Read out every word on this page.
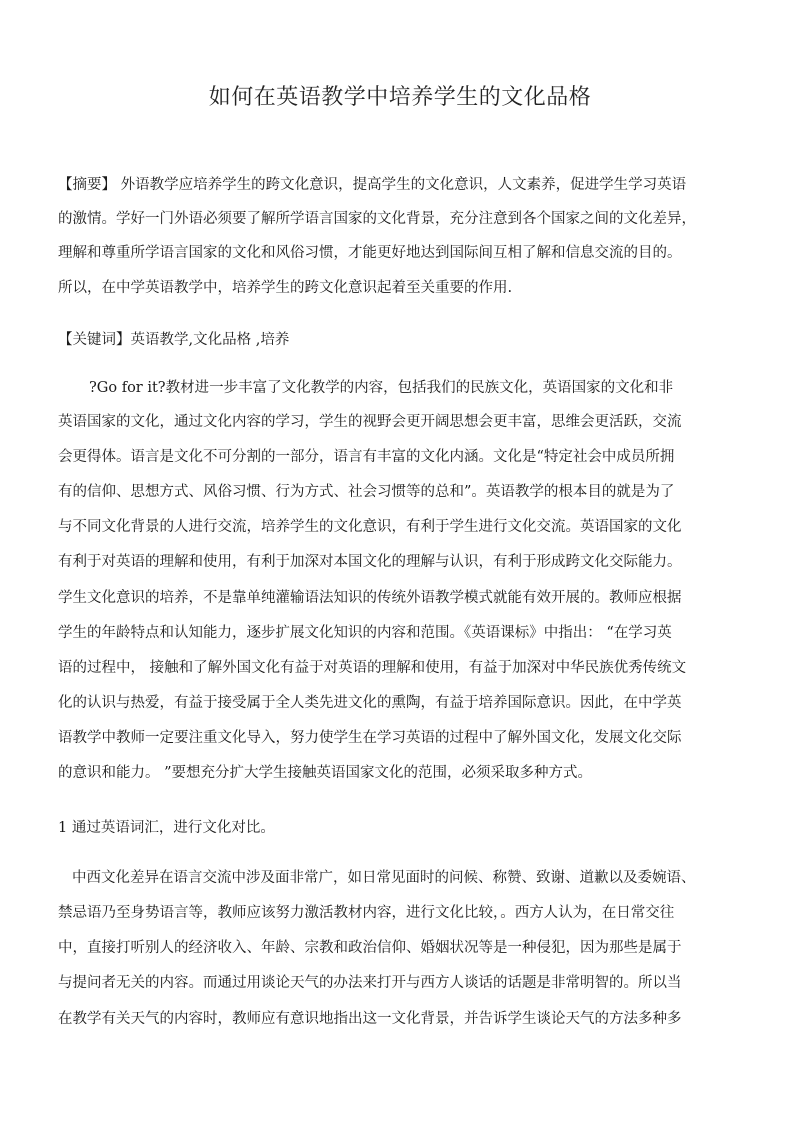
如何在英语教学中培养学生的文化品格
【摘要】 外语教学应培养学生的跨文化意识，提高学生的文化意识，人文素养，促进学生学习英语
的激情。学好一门外语必须要了解所学语言国家的文化背景，充分注意到各个国家之间的文化差异，
理解和尊重所学语言国家的文化和风俗习惯，才能更好地达到国际间互相了解和信息交流的目的。
所以，在中学英语教学中，培养学生的跨文化意识起着至关重要的作用.
【关键词】英语教学,文化品格 ,培养
?Go for it?教材进一步丰富了文化教学的内容，包括我们的民族文化，英语国家的文化和非
英语国家的文化，通过文化内容的学习，学生的视野会更开阔思想会更丰富，思维会更活跃，交流
会更得体。语言是文化不可分割的一部分，语言有丰富的文化内涵。文化是“特定社会中成员所拥
有的信仰、思想方式、风俗习惯、行为方式、社会习惯等的总和”。英语教学的根本目的就是为了
与不同文化背景的人进行交流，培养学生的文化意识，有利于学生进行文化交流。英语国家的文化
有利于对英语的理解和使用，有利于加深对本国文化的理解与认识，有利于形成跨文化交际能力。
学生文化意识的培养，不是靠单纯灌输语法知识的传统外语教学模式就能有效开展的。教师应根据
学生的年龄特点和认知能力，逐步扩展文化知识的内容和范围。《英语课标》中指出： “在学习英
语的过程中， 接触和了解外国文化有益于对英语的理解和使用，有益于加深对中华民族优秀传统文
化的认识与热爱，有益于接受属于全人类先进文化的熏陶，有益于培养国际意识。因此，在中学英
语教学中教师一定要注重文化导入，努力使学生在学习英语的过程中了解外国文化，发展文化交际
的意识和能力。 ”要想充分扩大学生接触英语国家文化的范围，必须采取多种方式。
1 通过英语词汇，进行文化对比。
中西文化差异在语言交流中涉及面非常广，如日常见面时的问候、称赞、致谢、道歉以及委婉语、
禁忌语乃至身势语言等，教师应该努力激活教材内容，进行文化比较，。西方人认为，在日常交往
中，直接打听别人的经济收入、年龄、宗教和政治信仰、婚姻状况等是一种侵犯，因为那些是属于
与提问者无关的内容。而通过用谈论天气的办法来打开与西方人谈话的话题是非常明智的。所以当
在教学有关天气的内容时，教师应有意识地指出这一文化背景，并告诉学生谈论天气的方法多种多
